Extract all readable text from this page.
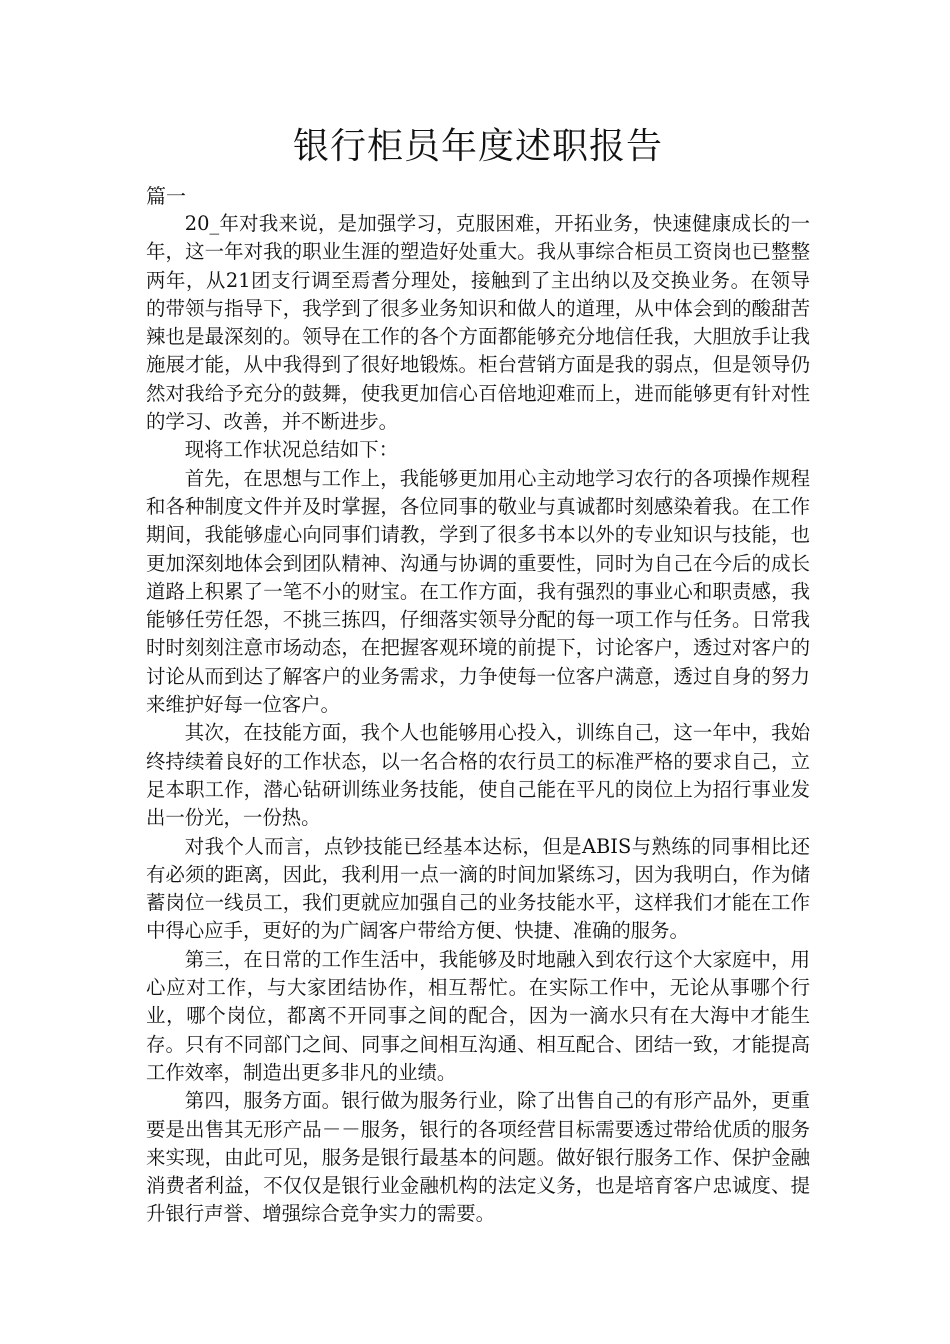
银行柜员年度述职报告

篇一

20_年对我来说，是加强学习，克服困难，开拓业务，快速健康成长的一年，这一年对我的职业生涯的塑造好处重大。我从事综合柜员工资岗也已整整两年，从21团支行调至焉耆分理处，接触到了主出纳以及交换业务。在领导的带领与指导下，我学到了很多业务知识和做人的道理，从中体会到的酸甜苦辣也是最深刻的。领导在工作的各个方面都能够充分地信任我，大胆放手让我施展才能，从中我得到了很好地锻炼。柜台营销方面是我的弱点，但是领导仍然对我给予充分的鼓舞，使我更加信心百倍地迎难而上，进而能够更有针对性的学习、改善，并不断进步。

现将工作状况总结如下：

首先，在思想与工作上，我能够更加用心主动地学习农行的各项操作规程和各种制度文件并及时掌握，各位同事的敬业与真诚都时刻感染着我。在工作期间，我能够虚心向同事们请教，学到了很多书本以外的专业知识与技能，也更加深刻地体会到团队精神、沟通与协调的重要性，同时为自己在今后的成长道路上积累了一笔不小的财宝。在工作方面，我有强烈的事业心和职责感，我能够任劳任怨，不挑三拣四，仔细落实领导分配的每一项工作与任务。日常我时时刻刻注意市场动态，在把握客观环境的前提下，讨论客户，透过对客户的讨论从而到达了解客户的业务需求，力争使每一位客户满意，透过自身的努力来维护好每一位客户。

其次，在技能方面，我个人也能够用心投入，训练自己，这一年中，我始终持续着良好的工作状态，以一名合格的农行员工的标准严格的要求自己，立足本职工作，潜心钻研训练业务技能，使自己能在平凡的岗位上为招行事业发出一份光，一份热。

对我个人而言，点钞技能已经基本达标，但是ABIS与熟练的同事相比还有必须的距离，因此，我利用一点一滴的时间加紧练习，因为我明白，作为储蓄岗位一线员工，我们更就应加强自己的业务技能水平，这样我们才能在工作中得心应手，更好的为广阔客户带给方便、快捷、准确的服务。

第三，在日常的工作生活中，我能够及时地融入到农行这个大家庭中，用心应对工作，与大家团结协作，相互帮忙。在实际工作中，无论从事哪个行业，哪个岗位，都离不开同事之间的配合，因为一滴水只有在大海中才能生存。只有不同部门之间、同事之间相互沟通、相互配合、团结一致，才能提高工作效率，制造出更多非凡的业绩。

第四，服务方面。银行做为服务行业，除了出售自己的有形产品外，更重要是出售其无形产品－－服务，银行的各项经营目标需要透过带给优质的服务来实现，由此可见，服务是银行最基本的问题。做好银行服务工作、保护金融消费者利益，不仅仅是银行业金融机构的法定义务，也是培育客户忠诚度、提升银行声誉、增强综合竞争实力的需要。
